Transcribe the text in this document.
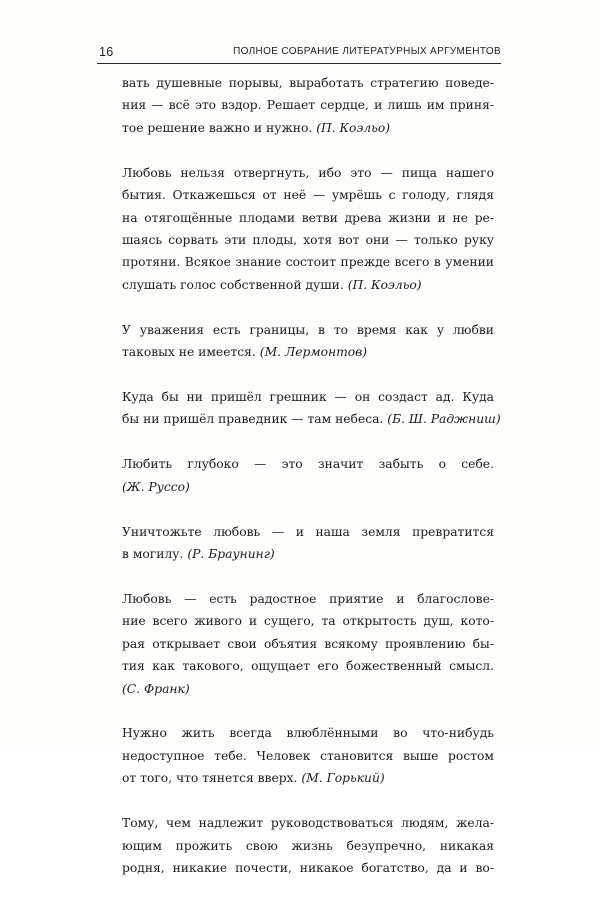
16	ПОЛНОЕ СОБРАНИЕ ЛИТЕРАТУРНЫХ АРГУМЕНТОВ
вать душевные порывы, выработать стратегию поведе-
ния — всё это вздор. Решает сердце, и лишь им приня-
тое решение важно и нужно. (П. Коэльо)
Любовь нельзя отвергнуть, ибо это — пища нашего
бытия. Откажешься от неё — умрёшь с голоду, глядя
на отягощённые плодами ветви древа жизни и не ре-
шаясь сорвать эти плоды, хотя вот они — только руку
протяни. Всякое знание состоит прежде всего в умении
слушать голос собственной души. (П. Коэльо)
У уважения есть границы, в то время как у любви
таковых не имеется. (М. Лермонтов)
Куда бы ни пришёл грешник — он создаст ад. Куда
бы ни пришёл праведник — там небеса. (Б. Ш. Раджниш)
Любить глубоко — это значит забыть о себе.
(Ж. Руссо)
Уничтожьте любовь — и наша земля превратится
в могилу. (Р. Браунинг)
Любовь — есть радостное приятие и благослове-
ние всего живого и сущего, та открытость душ, кото-
рая открывает свои объятия всякому проявлению бы-
тия как такового, ощущает его божественный смысл.
(С. Франк)
Нужно жить всегда влюблёнными во что-нибудь
недоступное тебе. Человек становится выше ростом
от того, что тянется вверх. (М. Горький)
Тому, чем надлежит руководствоваться людям, жела-
ющим прожить свою жизнь безупречно, никакая
родня, никакие почести, никакое богатство, да и во-
